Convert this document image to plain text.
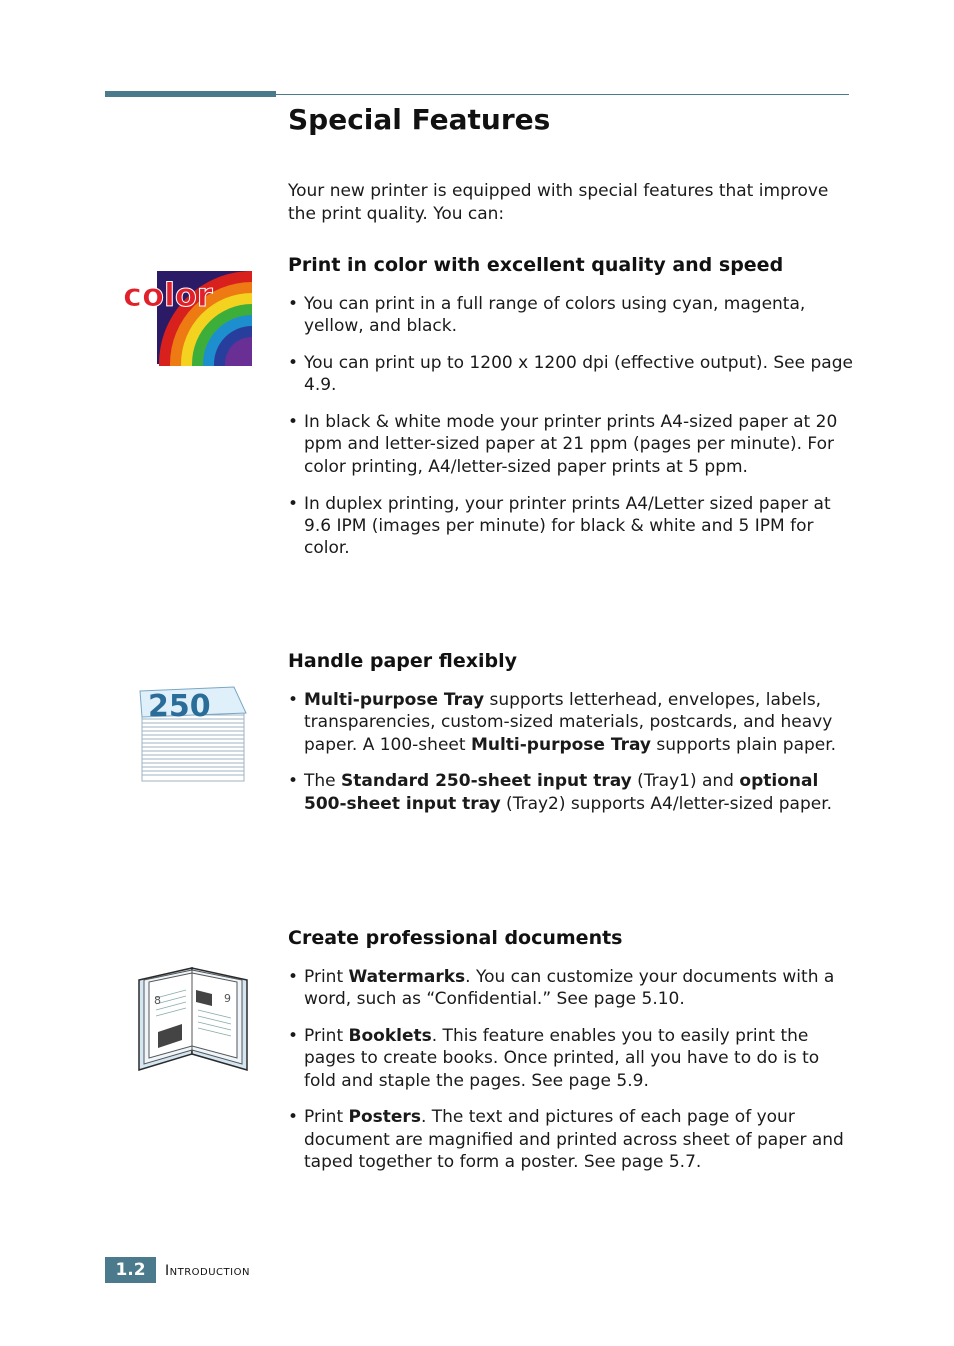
Special Features

Your new printer is equipped with special features that improve the print quality. You can:

color
Print in color with excellent quality and speed
• You can print in a full range of colors using cyan, magenta, yellow, and black.
• You can print up to 1200 x 1200 dpi (effective output). See page 4.9.
• In black & white mode your printer prints A4-sized paper at 20 ppm and letter-sized paper at 21 ppm (pages per minute). For color printing, A4/letter-sized paper prints at 5 ppm.
• In duplex printing, your printer prints A4/Letter sized paper at 9.6 IPM (images per minute) for black & white and 5 IPM for color.
250
Handle paper flexibly
• Multi-purpose Tray supports letterhead, envelopes, labels, transparencies, custom-sized materials, postcards, and heavy paper. A 100-sheet Multi-purpose Tray supports plain paper.
• The Standard 250-sheet input tray (Tray1) and optional 500-sheet input tray (Tray2) supports A4/letter-sized paper.
8	9
Create professional documents
• Print Watermarks. You can customize your documents with a word, such as “Confidential.” See page 5.10.
• Print Booklets. This feature enables you to easily print the pages to create books. Once printed, all you have to do is to fold and staple the pages. See page 5.9.
• Print Posters. The text and pictures of each page of your document are magnified and printed across sheet of paper and taped together to form a poster. See page 5.7.
1.2	Introduction
